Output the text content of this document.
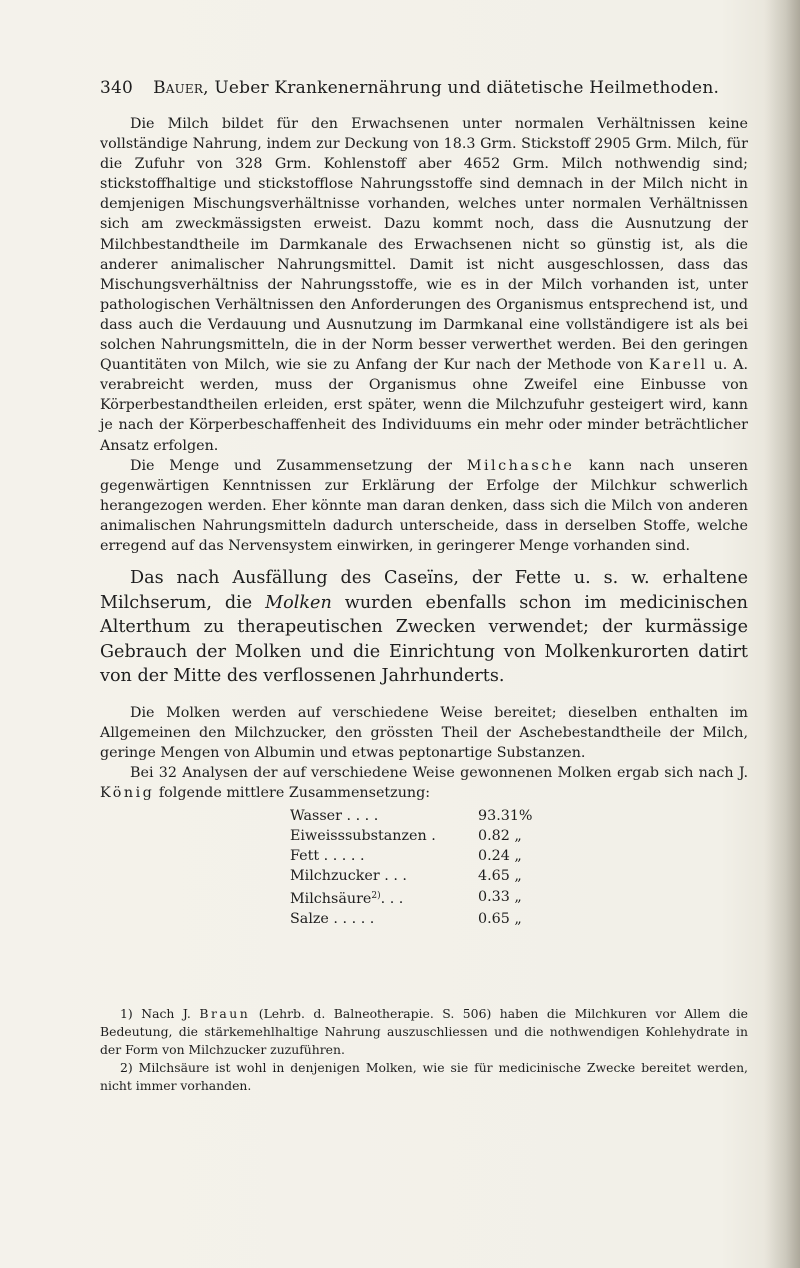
340 Bauer, Ueber Krankenernährung und diätetische Heilmethoden.

Die Milch bildet für den Erwachsenen unter normalen Verhältnissen keine vollständige Nahrung, indem zur Deckung von 18.3 Grm. Stickstoff 2905 Grm. Milch, für die Zufuhr von 328 Grm. Kohlenstoff aber 4652 Grm. Milch nothwendig sind; stickstoffhaltige und stickstofflose Nahrungsstoffe sind demnach in der Milch nicht in demjenigen Mischungsverhältnisse vorhanden, welches unter normalen Verhältnissen sich am zweckmässigsten erweist. Dazu kommt noch, dass die Ausnutzung der Milchbestandtheile im Darmkanale des Erwachsenen nicht so günstig ist, als die anderer animalischer Nahrungsmittel. Damit ist nicht ausgeschlossen, dass das Mischungsverhältniss der Nahrungsstoffe, wie es in der Milch vorhanden ist, unter pathologischen Verhältnissen den Anforderungen des Organismus entsprechend ist, und dass auch die Verdauung und Ausnutzung im Darmkanal eine vollständigere ist als bei solchen Nahrungsmitteln, die in der Norm besser verwerthet werden. Bei den geringen Quantitäten von Milch, wie sie zu Anfang der Kur nach der Methode von Karell u. A. verabreicht werden, muss der Organismus ohne Zweifel eine Einbusse von Körperbestandtheilen erleiden, erst später, wenn die Milchzufuhr gesteigert wird, kann je nach der Körperbeschaffenheit des Individuums ein mehr oder minder beträchtlicher Ansatz erfolgen.

Die Menge und Zusammensetzung der Milchasche kann nach unseren gegenwärtigen Kenntnissen zur Erklärung der Erfolge der Milchkur schwerlich herangezogen werden. Eher könnte man daran denken, dass sich die Milch von anderen animalischen Nahrungsmitteln dadurch unterscheide, dass in derselben Stoffe, welche erregend auf das Nervensystem einwirken, in geringerer Menge vorhanden sind.

Das nach Ausfällung des Caseïns, der Fette u. s. w. erhaltene Milchserum, die Molken wurden ebenfalls schon im medicinischen Alterthum zu therapeutischen Zwecken verwendet; der kurmässige Gebrauch der Molken und die Einrichtung von Molkenkurorten datirt von der Mitte des verflossenen Jahrhunderts.

Die Molken werden auf verschiedene Weise bereitet; dieselben enthalten im Allgemeinen den Milchzucker, den grössten Theil der Aschebestandtheile der Milch, geringe Mengen von Albumin und etwas peptonartige Substanzen.

Bei 32 Analysen der auf verschiedene Weise gewonnenen Molken ergab sich nach J. König folgende mittlere Zusammensetzung:

Wasser . . . .	93.31%
Eiweisssubstanzen .	0.82 „
Fett . . . . .	0.24 „
Milchzucker . . .	4.65 „
Milchsäure$^{2)}$. . .	0.33 „
Salze . . . . .	0.65 „

1) Nach J. Braun (Lehrb. d. Balneotherapie. S. 506) haben die Milchkuren vor Allem die Bedeutung, die stärkemehlhaltige Nahrung auszuschliessen und die nothwendigen Kohlehydrate in der Form von Milchzucker zuzuführen.

2) Milchsäure ist wohl in denjenigen Molken, wie sie für medicinische Zwecke bereitet werden, nicht immer vorhanden.
